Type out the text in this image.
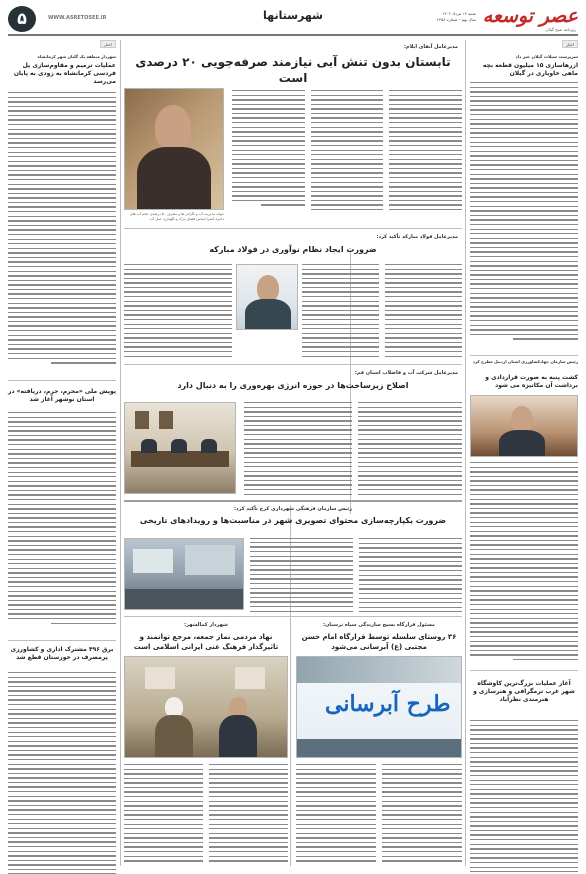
عصر توسعه
روزنامه صبح گیلان
شنبه ۱۴ مرداد ۱۴۰۲
سال نهم - شماره ۲۴۵۸
شهرستانها
WWW.ASRETOSEE.IR
۵
اخبار
سرپرست شیلات گیلان خبر داد
ازرهاسازی ۱۵ میلیون قطعه بچه ماهی خاویاری در گیلان
رئیس سازمان جهادکشاورزی استان اردبیل مطرح کرد
کشت پنبه به صورت قراردادی و برداشت آن مکانیزه می شود
آغاز عملیات بزرگ‌ترین کاوشگاه شهر غرب ترمگرافی و هنرسازی و هنرمندی نظرآباد
اخبار
شهردار منطقه یک گلبان شهر کرمانشاه
عملیات ترمیم و مقاوم‌سازی پل فردسی کرمانشاه به زودی به پایان می‌رسد
پویش ملی «محرم، حرم، دریافته» در استان بوشهر آغاز شد
برق ۴۹۶ مشترک اداری و کشاورزی پرمصرف در خوزستان قطع شد
مدیرعامل آبفای ایلام:
تابستان بدون تنش آبی نیازمند صرفه‌جویی ۲۰ درصدی است
جوانه مدیریت آب و نگرانی ها و مصرف ۵۰ درصدی حجم آب های ذخیره کسرا اساس فضای پارک و نگهداری حمل آب
مدیرعامل فولاد مبارکه تأکید کرد:
ضرورت ایجاد نظام نوآوری در فولاد مبارکه
مدیرعامل شرکت آب و فاضلاب استان قم:
اصلاح زیرساخت‌ها در حوزه انرژی بهره‌وری را به دنبال دارد
رئیس سازمان فرهنگی شهرداری کرج تأکید کرد:
ضرورت یکپارچه‌سازی محتوای تصویری شهر در مناسبت‌ها و رویدادهای تاریخی
مسئول قرارگاه بسیج سازندگی سپاه ترسنان:
۳۶ روستای سلسله توسط قرارگاه امام حسن مجتبی (ع) آبرسانی می‌شود
طرح آبرسانی
شهردار کمالشهر:
نهاد مردمی نماز جمعه، مرجع توانمند و تاثیرگذار فرهنگ غنی ایرانی اسلامی است
